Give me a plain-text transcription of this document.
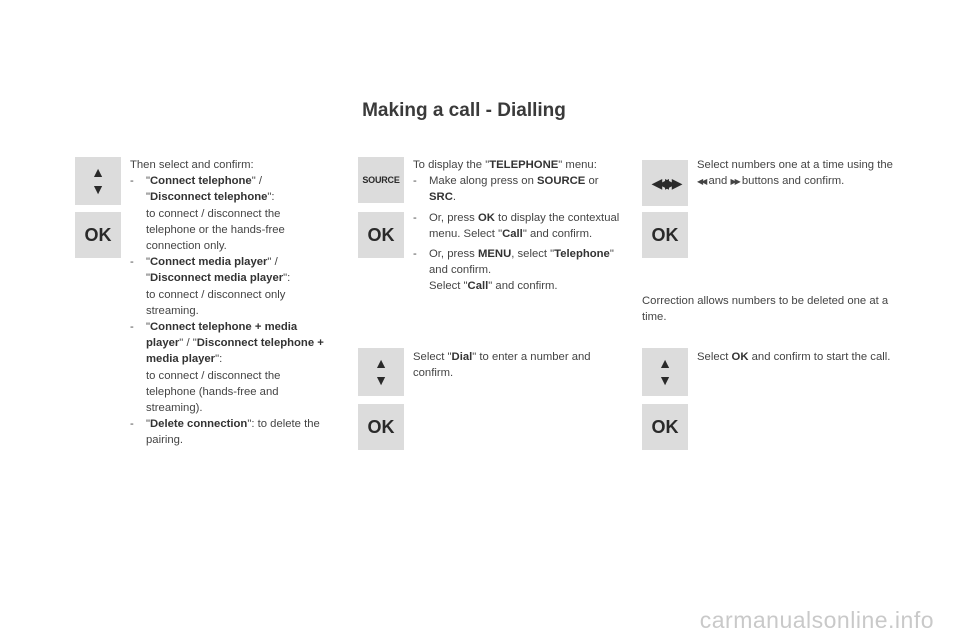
Making a call - Dialling
▲
▼
OK

Then select and confirm:

- "Connect telephone" / "Disconnect telephone":
to connect / disconnect the telephone or the hands-free connection only.
- "Connect media player" / "Disconnect media player":
to connect / disconnect only streaming.
- "Connect telephone + media player" / "Disconnect telephone + media player":
to connect / disconnect the telephone (hands-free and streaming).
- "Delete connection": to delete the pairing.
SOURCE
OK
▲
▼
OK

To display the "TELEPHONE" menu:

- Make along press on SOURCE or SRC.
- Or, press OK to display the contextual menu. Select "Call" and confirm.
- Or, press MENU, select "Telephone" and confirm.
Select "Call" and confirm.

Select "Dial" to enter a number and confirm.

◀◀▶▶
OK
▲
▼
OK

Select numbers one at a time using the ◀◀ and ▶▶ buttons and confirm.

Correction allows numbers to be deleted one at a time.

Select OK and confirm to start the call.

carmanualsonline.info
